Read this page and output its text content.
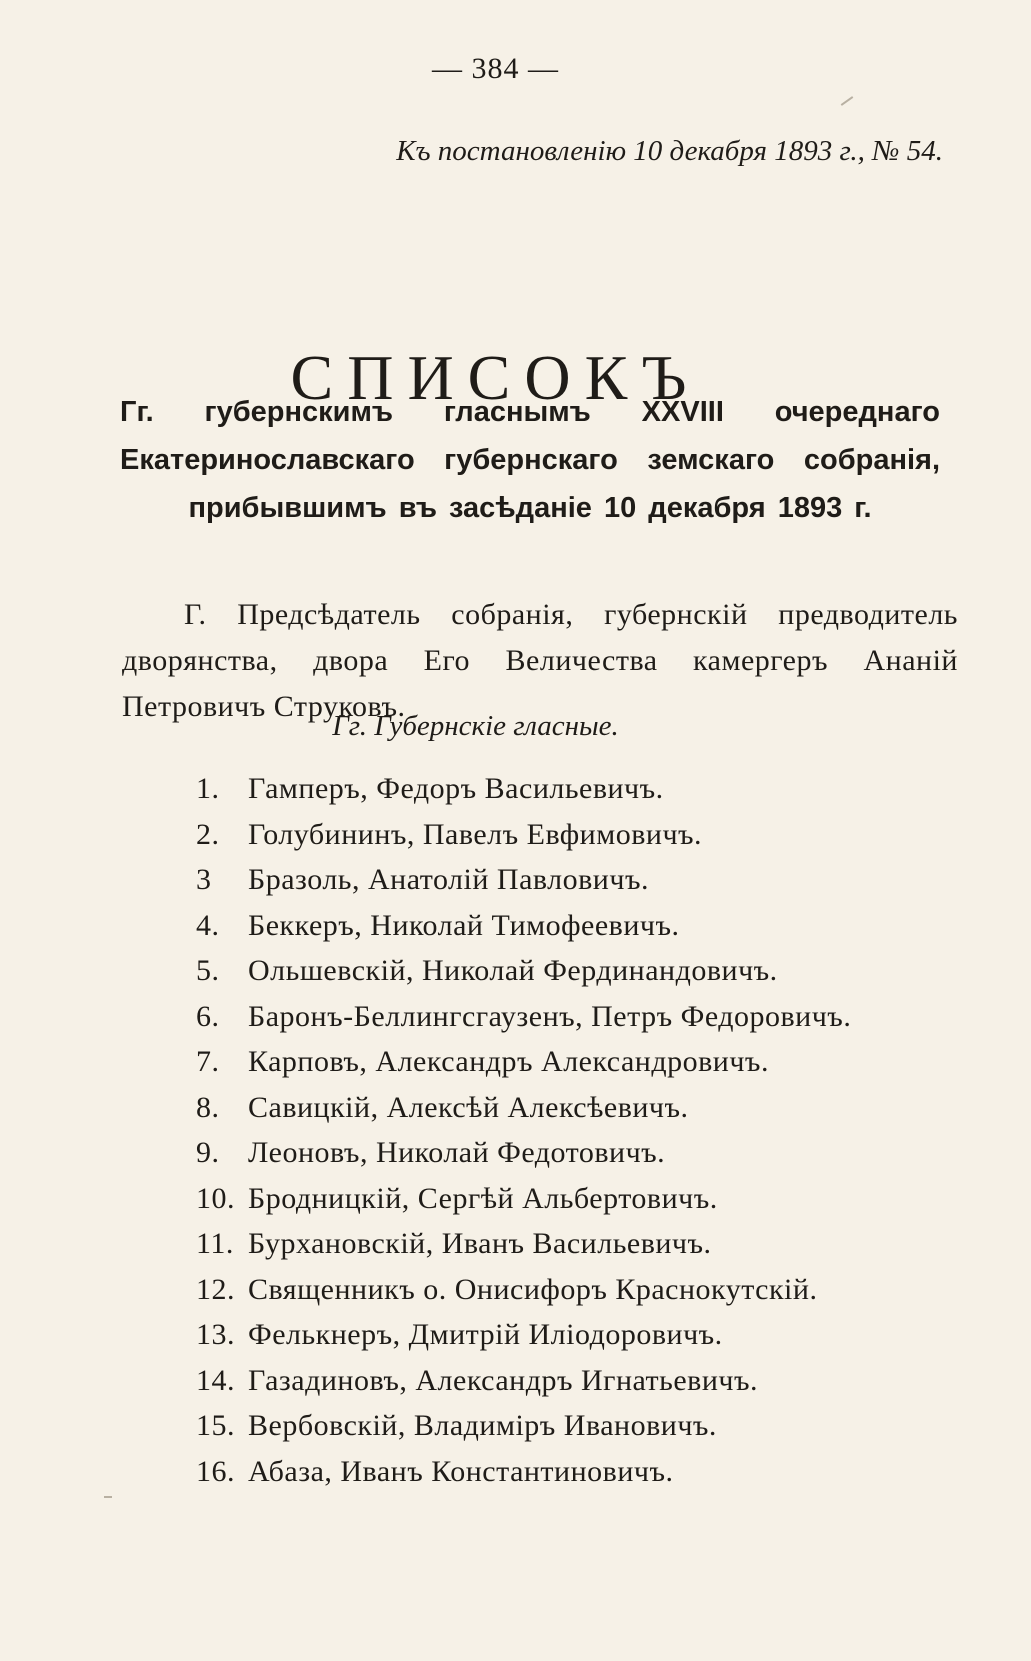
— 384 —
Къ постановленію 10 декабря 1893 г., № 54.
СПИСОКЪ
Гг. губернскимъ гласнымъ XXVIII очереднаго Екатеринославскаго губернскаго земскаго собранія, прибывшимъ въ засѣданіе 10 декабря 1893 г.

Г. Предсѣдатель собранія, губернскій предводитель дворянства, двора Его Величества камергеръ Ананій Петровичъ Струковъ.

Гг. Губернскіе гласные.
1. Гамперъ, Федоръ Васильевичъ.
2. Голубининъ, Павелъ Евфимовичъ.
3	Бразоль, Анатолій Павловичъ.
4. Беккеръ, Николай Тимофеевичъ.
5. Ольшевскій, Николай Фердинандовичъ.
6. Баронъ-Беллингсгаузенъ, Петръ Федоровичъ.
7. Карповъ, Александръ Александровичъ.
8. Савицкій, Алексѣй Алексѣевичъ.
9. Леоновъ, Николай Федотовичъ.
10. Бродницкій, Сергѣй Альбертовичъ.
11. Бурхановскій, Иванъ Васильевичъ.
12. Священникъ о. Онисифоръ Краснокутскій.
13. Фелькнеръ, Дмитрій Иліодоровичъ.
14. Газадиновъ, Александръ Игнатьевичъ.
15. Вербовскій, Владиміръ Ивановичъ.
16. Абаза, Иванъ Константиновичъ.
